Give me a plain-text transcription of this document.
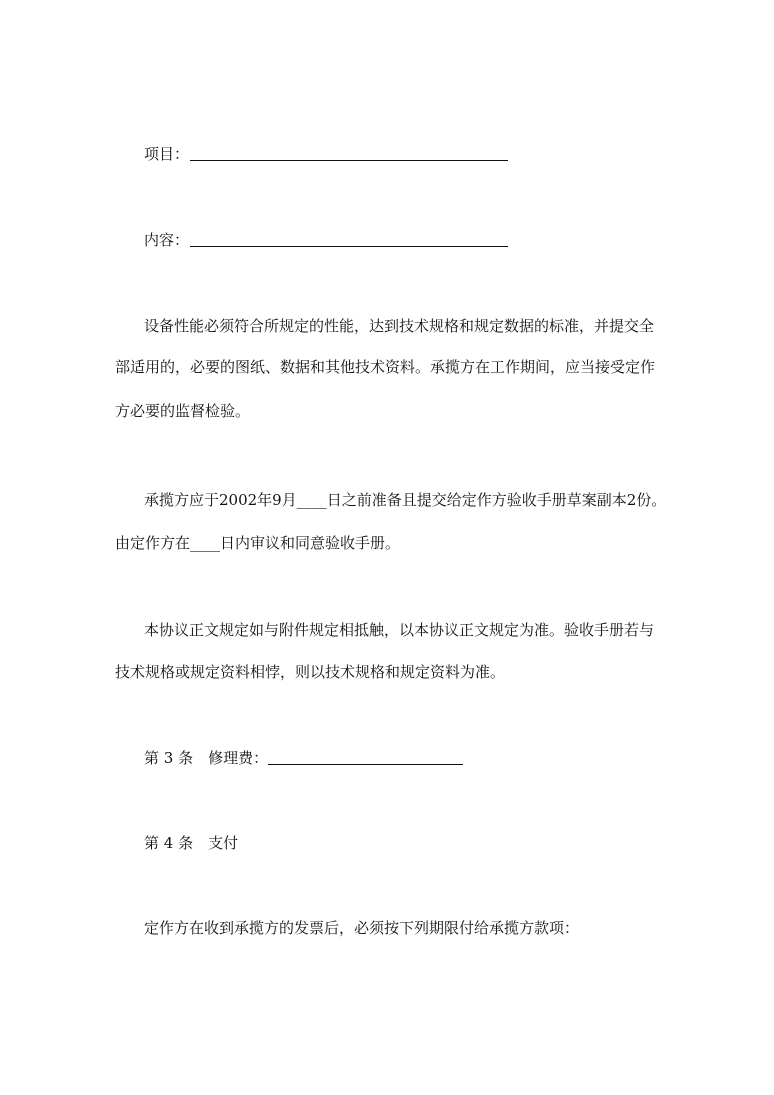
项目：
内容：
设备性能必须符合所规定的性能，达到技术规格和规定数据的标准，并提交全
部适用的，必要的图纸、数据和其他技术资料。承揽方在工作期间，应当接受定作
方必要的监督检验。
承揽方应于2002年9月____日之前准备且提交给定作方验收手册草案副本2份。
由定作方在____日内审议和同意验收手册。
本协议正文规定如与附件规定相抵触，以本协议正文规定为准。验收手册若与
技术规格或规定资料相悖，则以技术规格和规定资料为准。
第 3 条　修理费：
第 4 条　支付
定作方在收到承揽方的发票后，必须按下列期限付给承揽方款项：
